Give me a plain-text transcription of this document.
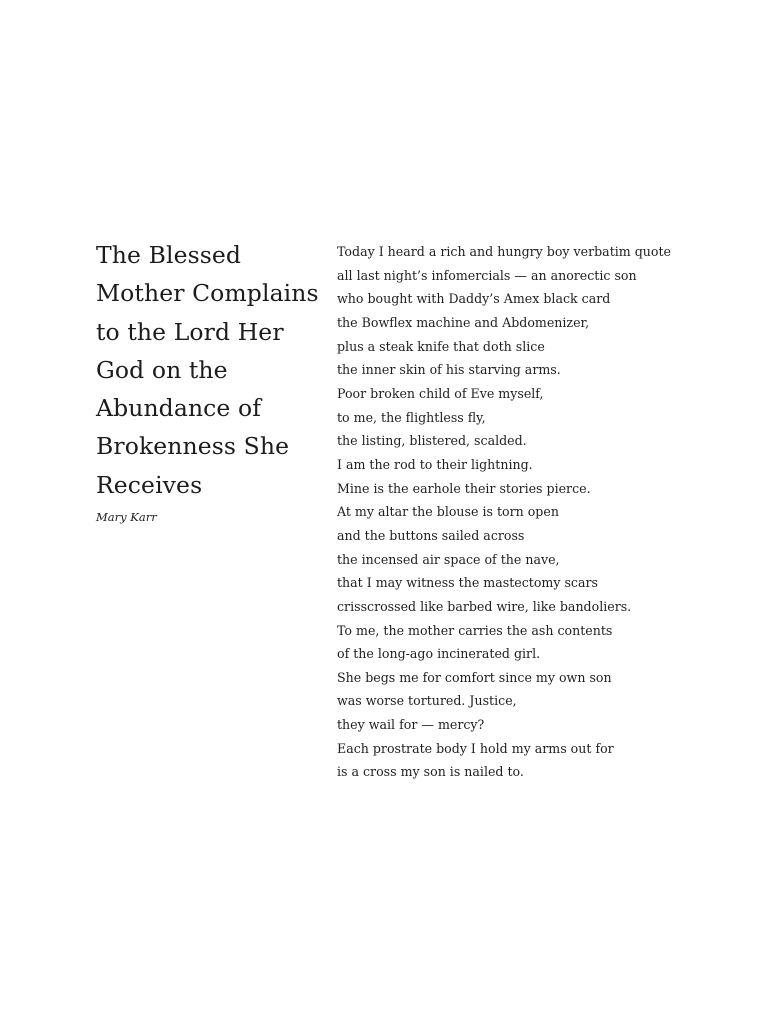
The Blessed
Mother Complains
to the Lord Her
God on the
Abundance of
Brokenness She
Receives
Mary Karr
Today I heard a rich and hungry boy verbatim quote
all last night’s infomercials — an anorectic son
who bought with Daddy’s Amex black card
the Bowflex machine and Abdomenizer,
plus a steak knife that doth slice
the inner skin of his starving arms.
Poor broken child of Eve myself,
to me, the flightless fly,
the listing, blistered, scalded.
I am the rod to their lightning.
Mine is the earhole their stories pierce.
At my altar the blouse is torn open
and the buttons sailed across
the incensed air space of the nave,
that I may witness the mastectomy scars
crisscrossed like barbed wire, like bandoliers.
To me, the mother carries the ash contents
of the long-ago incinerated girl.
She begs me for comfort since my own son
was worse tortured. Justice,
they wail for — mercy?
Each prostrate body I hold my arms out for
is a cross my son is nailed to.
